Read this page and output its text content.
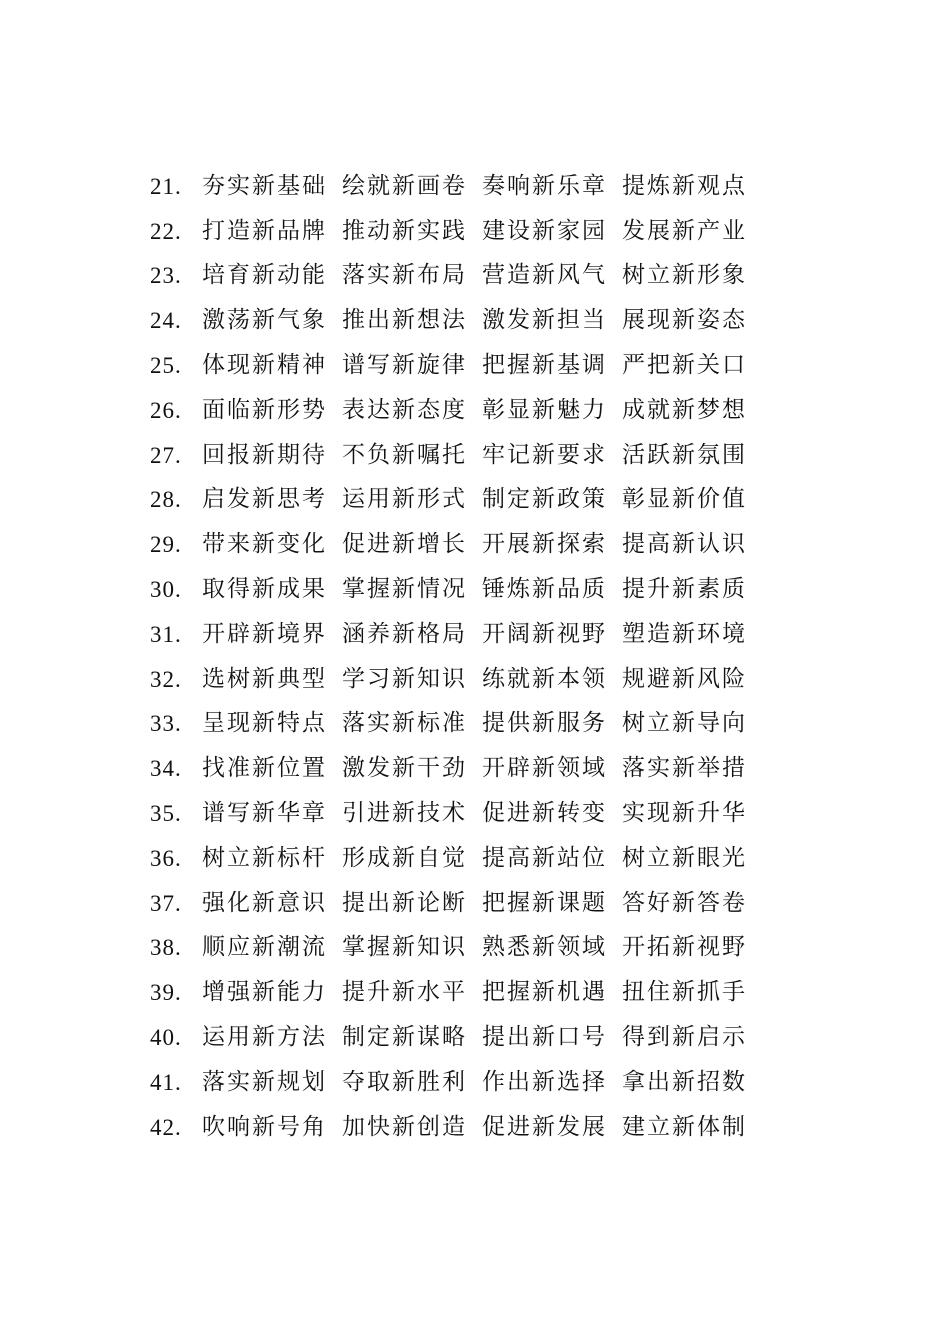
21. 夯实新基础 绘就新画卷 奏响新乐章 提炼新观点
22. 打造新品牌 推动新实践 建设新家园 发展新产业
23. 培育新动能 落实新布局 营造新风气 树立新形象
24. 激荡新气象 推出新想法 激发新担当 展现新姿态
25. 体现新精神 谱写新旋律 把握新基调 严把新关口
26. 面临新形势 表达新态度 彰显新魅力 成就新梦想
27. 回报新期待 不负新嘱托 牢记新要求 活跃新氛围
28. 启发新思考 运用新形式 制定新政策 彰显新价值
29. 带来新变化 促进新增长 开展新探索 提高新认识
30. 取得新成果 掌握新情况 锤炼新品质 提升新素质
31. 开辟新境界 涵养新格局 开阔新视野 塑造新环境
32. 选树新典型 学习新知识 练就新本领 规避新风险
33. 呈现新特点 落实新标准 提供新服务 树立新导向
34. 找准新位置 激发新干劲 开辟新领域 落实新举措
35. 谱写新华章 引进新技术 促进新转变 实现新升华
36. 树立新标杆 形成新自觉 提高新站位 树立新眼光
37. 强化新意识 提出新论断 把握新课题 答好新答卷
38. 顺应新潮流 掌握新知识 熟悉新领域 开拓新视野
39. 增强新能力 提升新水平 把握新机遇 扭住新抓手
40. 运用新方法 制定新谋略 提出新口号 得到新启示
41. 落实新规划 夺取新胜利 作出新选择 拿出新招数
42. 吹响新号角 加快新创造 促进新发展 建立新体制
